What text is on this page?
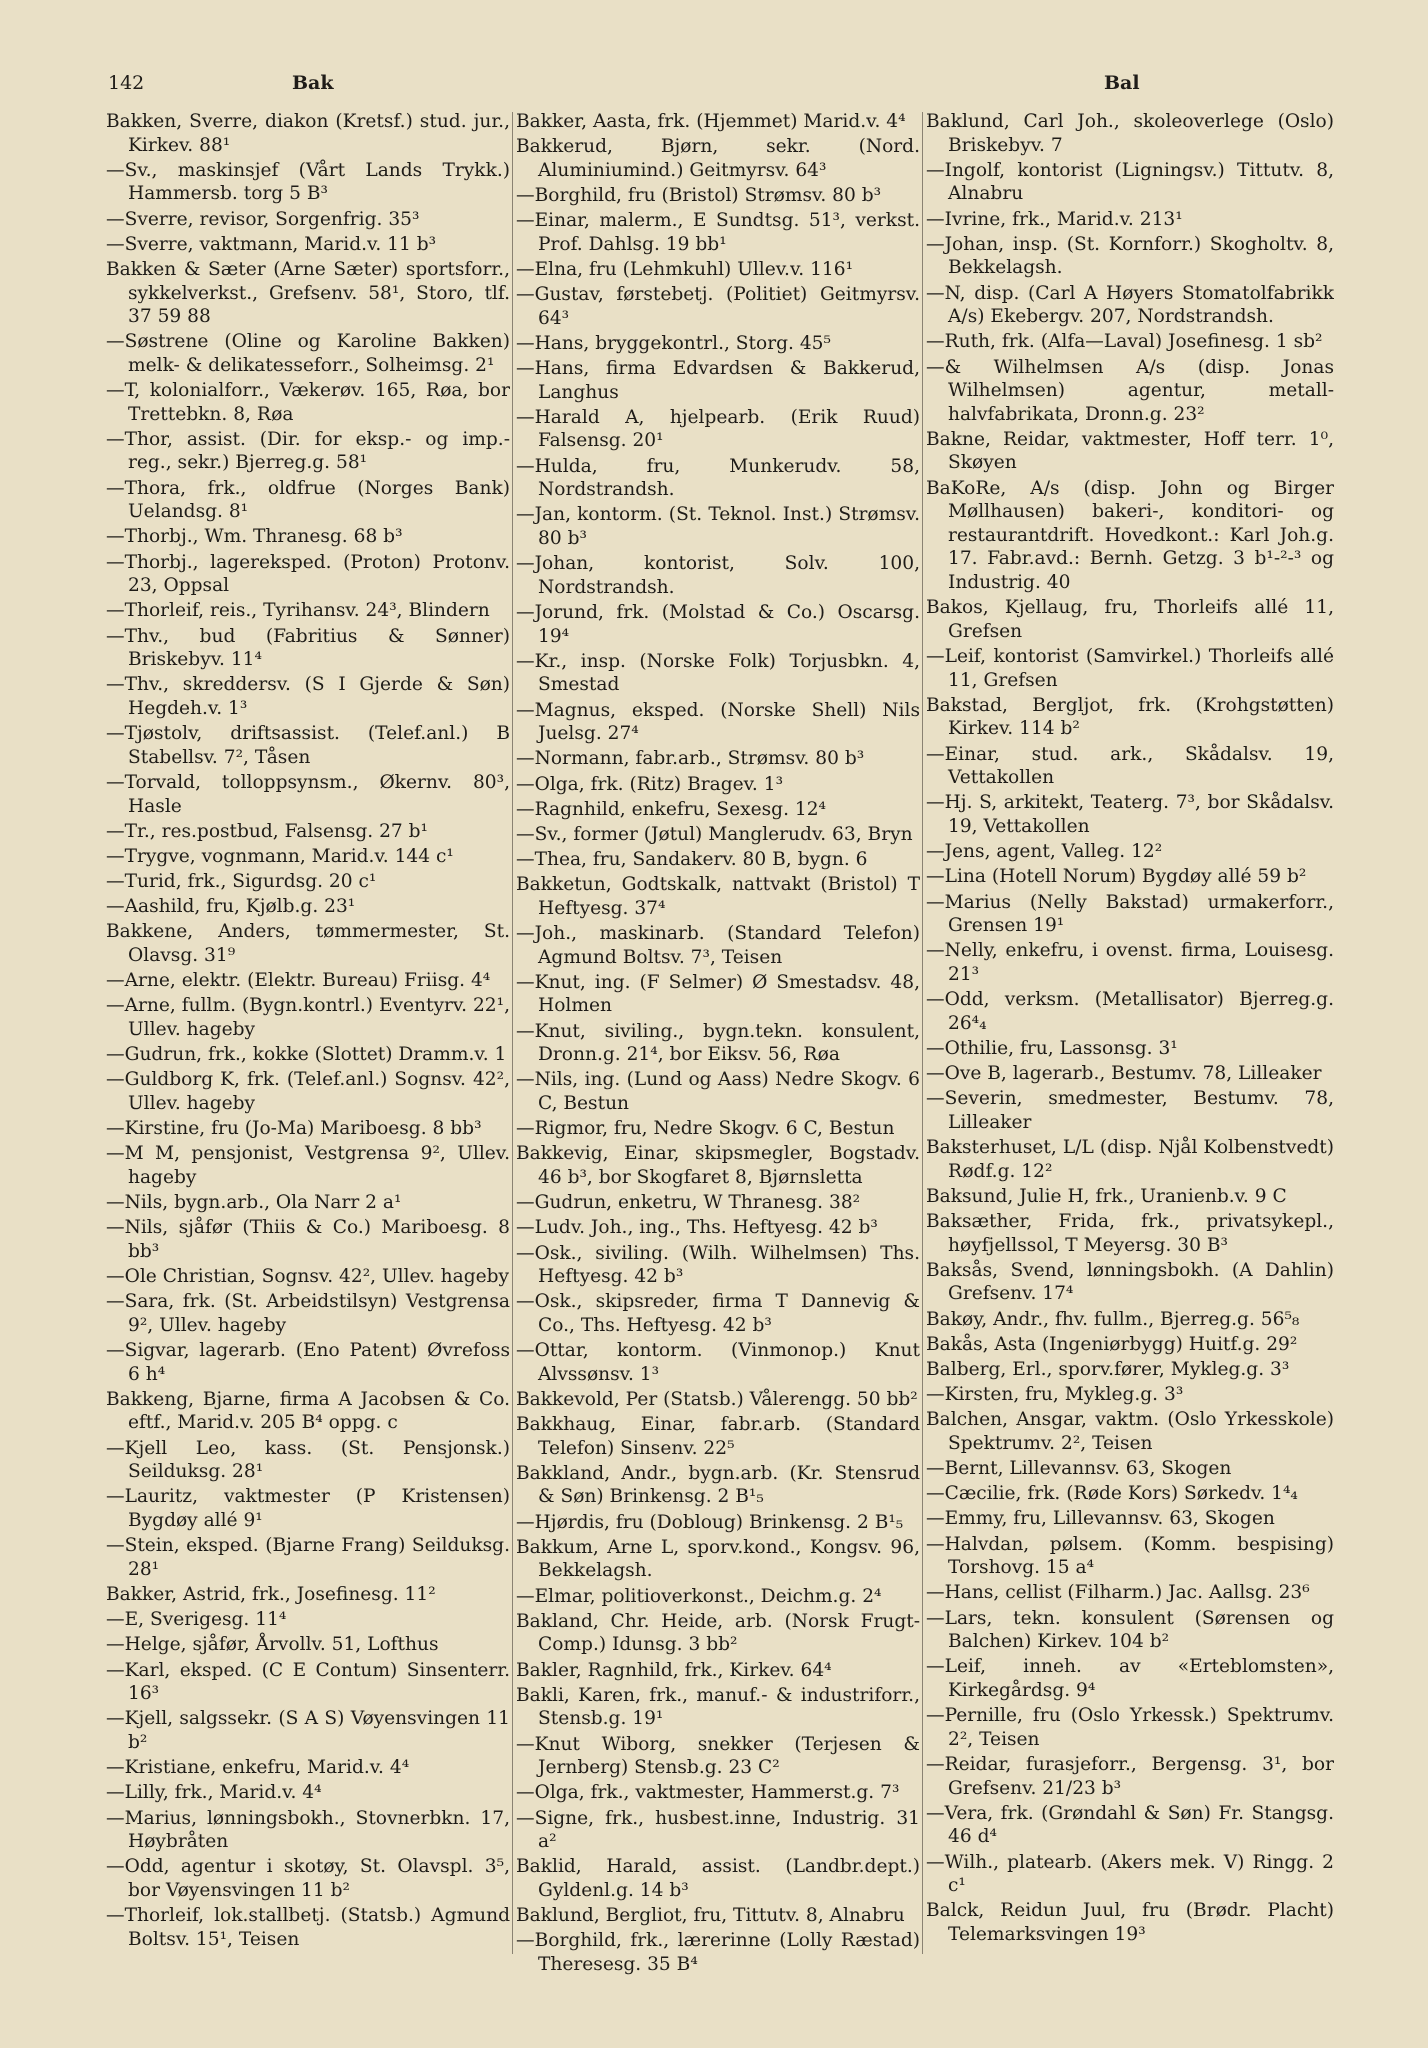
142	Bak	Bal

Bakken, Sverre, diakon (Kretsf.) stud. jur., Kirkev. 88¹

—Sv., maskinsjef (Vårt Lands Trykk.) Hammersb. torg 5 B³

—Sverre, revisor, Sorgenfrig. 35³

—Sverre, vaktmann, Marid.v. 11 b³

Bakken & Sæter (Arne Sæter) sportsforr., sykkelverkst., Grefsenv. 58¹, Storo, tlf. 37 59 88

—Søstrene (Oline og Karoline Bakken) melk- & delikatesseforr., Solheimsg. 2¹

—T, kolonialforr., Vækerøv. 165, Røa, bor Trettebkn. 8, Røa

—Thor, assist. (Dir. for eksp.- og imp.- reg., sekr.) Bjerreg.g. 58¹

—Thora, frk., oldfrue (Norges Bank) Uelandsg. 8¹

—Thorbj., Wm. Thranesg. 68 b³

—Thorbj., lagereksped. (Proton) Protonv. 23, Oppsal

—Thorleif, reis., Tyrihansv. 24³, Blindern

—Thv., bud (Fabritius & Sønner) Briskebyv. 11⁴

—Thv., skreddersv. (S I Gjerde & Søn) Hegdeh.v. 1³

—Tjøstolv, driftsassist. (Telef.anl.) B Stabellsv. 7², Tåsen

—Torvald, tolloppsynsm., Økernv. 80³, Hasle

—Tr., res.postbud, Falsensg. 27 b¹

—Trygve, vognmann, Marid.v. 144 c¹

—Turid, frk., Sigurdsg. 20 c¹

—Aashild, fru, Kjølb.g. 23¹

Bakkene, Anders, tømmermester, St. Olavsg. 31⁹

—Arne, elektr. (Elektr. Bureau) Friisg. 4⁴

—Arne, fullm. (Bygn.kontrl.) Eventyrv. 22¹, Ullev. hageby

—Gudrun, frk., kokke (Slottet) Dramm.v. 1

—Guldborg K, frk. (Telef.anl.) Sognsv. 42², Ullev. hageby

—Kirstine, fru (Jo-Ma) Mariboesg. 8 bb³

—M M, pensjonist, Vestgrensa 9², Ullev. hageby

—Nils, bygn.arb., Ola Narr 2 a¹

—Nils, sjåfør (Thiis & Co.) Mariboesg. 8 bb³

—Ole Christian, Sognsv. 42², Ullev. hageby

—Sara, frk. (St. Arbeidstilsyn) Vestgrensa 9², Ullev. hageby

—Sigvar, lagerarb. (Eno Patent) Øvrefoss 6 h⁴

Bakkeng, Bjarne, firma A Jacobsen & Co. eftf., Marid.v. 205 B⁴ oppg. c

—Kjell Leo, kass. (St. Pensjonsk.) Seilduksg. 28¹

—Lauritz, vaktmester (P Kristensen) Bygdøy allé 9¹

—Stein, eksped. (Bjarne Frang) Seilduksg. 28¹

Bakker, Astrid, frk., Josefinesg. 11²

—E, Sverigesg. 11⁴

—Helge, sjåfør, Årvollv. 51, Lofthus

—Karl, eksped. (C E Contum) Sinsenterr. 16³

—Kjell, salgssekr. (S A S) Vøyensvingen 11 b²

—Kristiane, enkefru, Marid.v. 4⁴

—Lilly, frk., Marid.v. 4⁴

—Marius, lønningsbokh., Stovnerbkn. 17, Høybråten

—Odd, agentur i skotøy, St. Olavspl. 3⁵, bor Vøyensvingen 11 b²

—Thorleif, lok.stallbetj. (Statsb.) Agmund Boltsv. 15¹, Teisen

Bakker, Aasta, frk. (Hjemmet) Marid.v. 4⁴

Bakkerud, Bjørn, sekr. (Nord. Aluminiumind.) Geitmyrsv. 64³

—Borghild, fru (Bristol) Strømsv. 80 b³

—Einar, malerm., E Sundtsg. 51³, verkst. Prof. Dahlsg. 19 bb¹

—Elna, fru (Lehmkuhl) Ullev.v. 116¹

—Gustav, førstebetj. (Politiet) Geitmyrsv. 64³

—Hans, bryggekontrl., Storg. 45⁵

—Hans, firma Edvardsen & Bakkerud, Langhus

—Harald A, hjelpearb. (Erik Ruud) Falsensg. 20¹

—Hulda, fru, Munkerudv. 58, Nordstrandsh.

—Jan, kontorm. (St. Teknol. Inst.) Strømsv. 80 b³

—Johan, kontorist, Solv. 100, Nordstrandsh.

—Jorund, frk. (Molstad & Co.) Oscarsg. 19⁴

—Kr., insp. (Norske Folk) Torjusbkn. 4, Smestad

—Magnus, eksped. (Norske Shell) Nils Juelsg. 27⁴

—Normann, fabr.arb., Strømsv. 80 b³

—Olga, frk. (Ritz) Bragev. 1³

—Ragnhild, enkefru, Sexesg. 12⁴

—Sv., former (Jøtul) Manglerudv. 63, Bryn

—Thea, fru, Sandakerv. 80 B, bygn. 6

Bakketun, Godtskalk, nattvakt (Bristol) T Heftyesg. 37⁴

—Joh., maskinarb. (Standard Telefon) Agmund Boltsv. 7³, Teisen

—Knut, ing. (F Selmer) Ø Smestadsv. 48, Holmen

—Knut, siviling., bygn.tekn. konsulent, Dronn.g. 21⁴, bor Eiksv. 56, Røa

—Nils, ing. (Lund og Aass) Nedre Skogv. 6 C, Bestun

—Rigmor, fru, Nedre Skogv. 6 C, Bestun

Bakkevig, Einar, skipsmegler, Bogstadv. 46 b³, bor Skogfaret 8, Bjørnsletta

—Gudrun, enketru, W Thranesg. 38²

—Ludv. Joh., ing., Ths. Heftyesg. 42 b³

—Osk., siviling. (Wilh. Wilhelmsen) Ths. Heftyesg. 42 b³

—Osk., skipsreder, firma T Dannevig & Co., Ths. Heftyesg. 42 b³

—Ottar, kontorm. (Vinmonop.) Knut Alvssønsv. 1³

Bakkevold, Per (Statsb.) Vålerengg. 50 bb²

Bakkhaug, Einar, fabr.arb. (Standard Telefon) Sinsenv. 22⁵

Bakkland, Andr., bygn.arb. (Kr. Stensrud & Søn) Brinkensg. 2 B¹₅

—Hjørdis, fru (Dobloug) Brinkensg. 2 B¹₅

Bakkum, Arne L, sporv.kond., Kongsv. 96, Bekkelagsh.

—Elmar, politioverkonst., Deichm.g. 2⁴

Bakland, Chr. Heide, arb. (Norsk Frugt-Comp.) Idunsg. 3 bb²

Bakler, Ragnhild, frk., Kirkev. 64⁴

Bakli, Karen, frk., manuf.- & industriforr., Stensb.g. 19¹

—Knut Wiborg, snekker (Terjesen & Jernberg) Stensb.g. 23 C²

—Olga, frk., vaktmester, Hammerst.g. 7³

—Signe, frk., husbest.inne, Industrig. 31 a²

Baklid, Harald, assist. (Landbr.dept.) Gyldenl.g. 14 b³

Baklund, Bergliot, fru, Tittutv. 8, Alnabru

—Borghild, frk., lærerinne (Lolly Ræstad) Theresesg. 35 B⁴

Baklund, Carl Joh., skoleoverlege (Oslo) Briskebyv. 7

—Ingolf, kontorist (Ligningsv.) Tittutv. 8, Alnabru

—Ivrine, frk., Marid.v. 213¹

—Johan, insp. (St. Kornforr.) Skogholtv. 8, Bekkelagsh.

—N, disp. (Carl A Høyers Stomatolfabrikk A/s) Ekebergv. 207, Nordstrandsh.

—Ruth, frk. (Alfa—Laval) Josefinesg. 1 sb²

—& Wilhelmsen A/s (disp. Jonas Wilhelmsen) agentur, metall-halvfabrikata, Dronn.g. 23²

Bakne, Reidar, vaktmester, Hoff terr. 1⁰, Skøyen

BaKoRe, A/s (disp. John og Birger Møllhausen) bakeri-, konditori- og restaurantdrift. Hovedkont.: Karl Joh.g. 17. Fabr.avd.: Bernh. Getzg. 3 b¹-²-³ og Industrig. 40

Bakos, Kjellaug, fru, Thorleifs allé 11, Grefsen

—Leif, kontorist (Samvirkel.) Thorleifs allé 11, Grefsen

Bakstad, Bergljot, frk. (Krohgstøtten) Kirkev. 114 b²

—Einar, stud. ark., Skådalsv. 19, Vettakollen

—Hj. S, arkitekt, Teaterg. 7³, bor Skådalsv. 19, Vettakollen

—Jens, agent, Valleg. 12²

—Lina (Hotell Norum) Bygdøy allé 59 b²

—Marius (Nelly Bakstad) urmakerforr., Grensen 19¹

—Nelly, enkefru, i ovenst. firma, Louisesg. 21³

—Odd, verksm. (Metallisator) Bjerreg.g. 26⁴₄

—Othilie, fru, Lassonsg. 3¹

—Ove B, lagerarb., Bestumv. 78, Lilleaker

—Severin, smedmester, Bestumv. 78, Lilleaker

Baksterhuset, L/L (disp. Njål Kolbenstvedt) Rødf.g. 12²

Baksund, Julie H, frk., Uranienb.v. 9 C

Baksæther, Frida, frk., privatsykepl., høyfjellssol, T Meyersg. 30 B³

Baksås, Svend, lønningsbokh. (A Dahlin) Grefsenv. 17⁴

Bakøy, Andr., fhv. fullm., Bjerreg.g. 56⁵₈

Bakås, Asta (Ingeniørbygg) Huitf.g. 29²

Balberg, Erl., sporv.fører, Mykleg.g. 3³

—Kirsten, fru, Mykleg.g. 3³

Balchen, Ansgar, vaktm. (Oslo Yrkesskole) Spektrumv. 2², Teisen

—Bernt, Lillevannsv. 63, Skogen

—Cæcilie, frk. (Røde Kors) Sørkedv. 1⁴₄

—Emmy, fru, Lillevannsv. 63, Skogen

—Halvdan, pølsem. (Komm. bespising) Torshovg. 15 a⁴

—Hans, cellist (Filharm.) Jac. Aallsg. 23⁶

—Lars, tekn. konsulent (Sørensen og Balchen) Kirkev. 104 b²

—Leif, inneh. av «Erteblomsten», Kirkegårdsg. 9⁴

—Pernille, fru (Oslo Yrkessk.) Spektrumv. 2², Teisen

—Reidar, furasjeforr., Bergensg. 3¹, bor Grefsenv. 21/23 b³

—Vera, frk. (Grøndahl & Søn) Fr. Stangsg. 46 d⁴

—Wilh., platearb. (Akers mek. V) Ringg. 2 c¹

Balck, Reidun Juul, fru (Brødr. Placht) Telemarksvingen 19³
